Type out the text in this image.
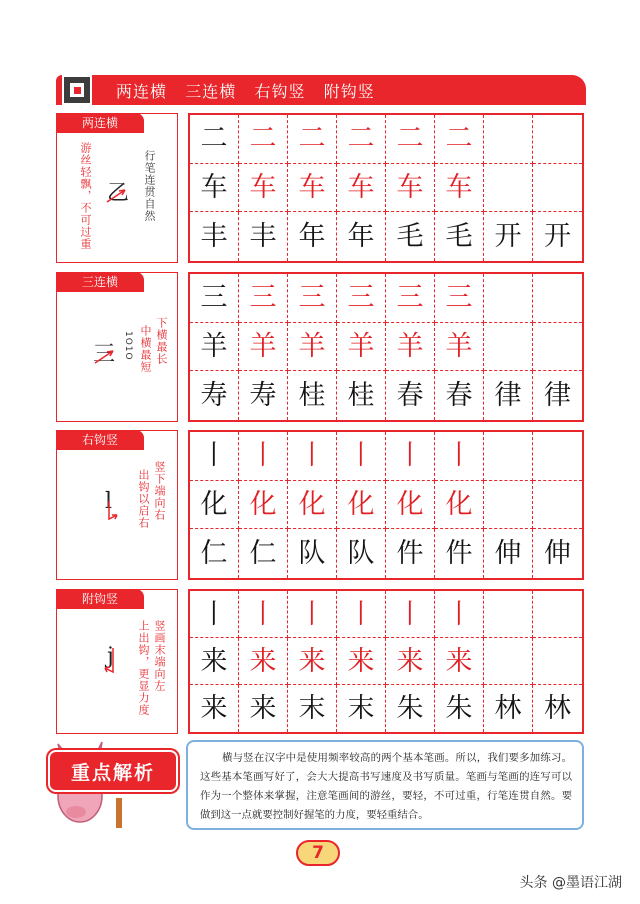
两连横   三连横   右钩竖   附钩竖
两连横
游丝轻飘，不可过重	行笔连贯自然
乙
二 二 二 二 二 二
车 车 车 车 车 车
丰 丰 年 年 毛 毛 开 开
三连横
1O1O 中横最短 下横最长
三
三 三 三 三 三 三
羊 羊 羊 羊 羊 羊
寿 寿 桂 桂 春 春 律 律
右钩竖
出钩以启右 竖下端向右
l
丨 丨 丨 丨 丨 丨
化 化 化 化 化 化
仁 仁 队 队 件 件 伸 伸
附钩竖
上出钩，更显力度 竖画末端向左
j
丨 丨 丨 丨 丨 丨
来 来 来 来 来 来
来 来 末 末 朱 朱 林 林
重点解析
横与竖在汉字中是使用频率较高的两个基本笔画。所以，我们要多加练习。这些基本笔画写好了，会大大提高书写速度及书写质量。笔画与笔画的连写可以作为一个整体来掌握，注意笔画间的游丝，要轻，不可过重，行笔连贯自然。要做到这一点就要控制好握笔的力度，要轻重结合。
7
头条 @墨语江湖
